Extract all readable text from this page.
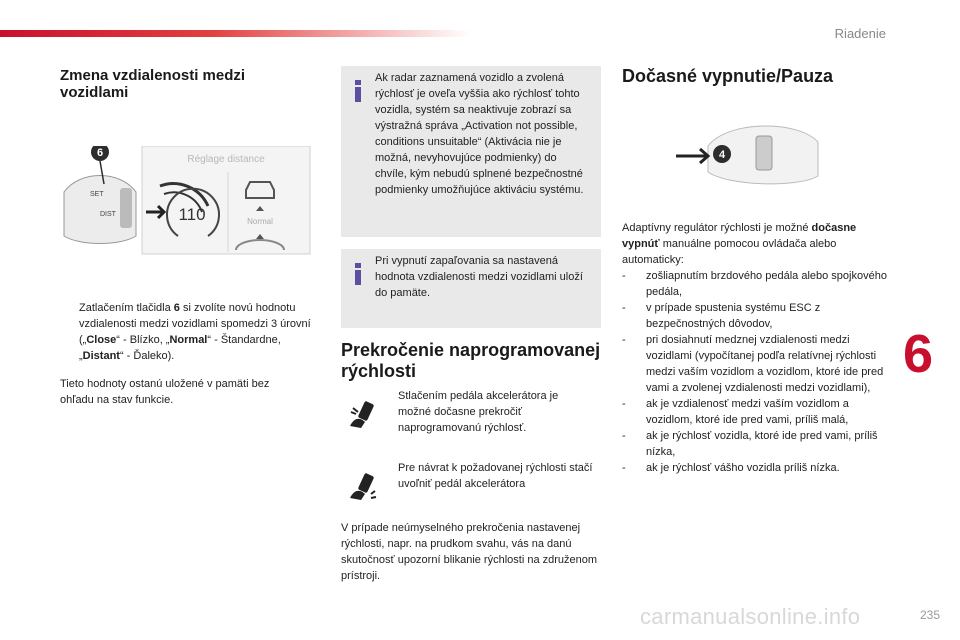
Riadenie
6
carmanualsonline.info	235
Zmena vzdialenosti medzi vozidlami
Réglage distance
110	Normal
6
SET
DIST
Zatlačením tlačidla 6 si zvolíte novú hodnotu vzdialenosti medzi vozidlami spomedzi 3 úrovní („Close“ - Blízko, „Normal“ - Štandardne, „Distant“ - Ďaleko).
Tieto hodnoty ostanú uložené v pamäti bez ohľadu na stav funkcie.
Ak radar zaznamená vozidlo a zvolená rýchlosť je oveľa vyššia ako rýchlosť tohto vozidla, systém sa neaktivuje zobrazí sa výstražná správa „Activation not possible, conditions unsuitable“ (Aktivácia nie je možná, nevyhovujúce podmienky) do chvíle, kým nebudú splnené bezpečnostné podmienky umožňujúce aktiváciu systému.
Pri vypnutí zapaľovania sa nastavená hodnota vzdialenosti medzi vozidlami uloží do pamäte.
Prekročenie naprogramovanej rýchlosti
Stlačením pedála akcelerátora je možné dočasne prekročiť naprogramovanú rýchlosť.
Pre návrat k požadovanej rýchlosti stačí uvoľniť pedál akcelerátora
V prípade neúmyselného prekročenia nastavenej rýchlosti, napr. na prudkom svahu, vás na danú skutočnosť upozorní blikanie rýchlosti na združenom prístroji.
Dočasné vypnutie/Pauza
4
Adaptívny regulátor rýchlosti je možné dočasne vypnúť manuálne pomocou ovládača alebo automaticky:
- zošliapnutím brzdového pedála alebo spojkového pedála,
- v prípade spustenia systému ESC z bezpečnostných dôvodov,
- pri dosiahnutí medznej vzdialenosti medzi vozidlami (vypočítanej podľa relatívnej rýchlosti medzi vaším vozidlom a vozidlom, ktoré ide pred vami a zvolenej vzdialenosti medzi vozidlami),
- ak je vzdialenosť medzi vaším vozidlom a vozidlom, ktoré ide pred vami, príliš malá,
- ak je rýchlosť vozidla, ktoré ide pred vami, príliš nízka,
- ak je rýchlosť vášho vozidla príliš nízka.
